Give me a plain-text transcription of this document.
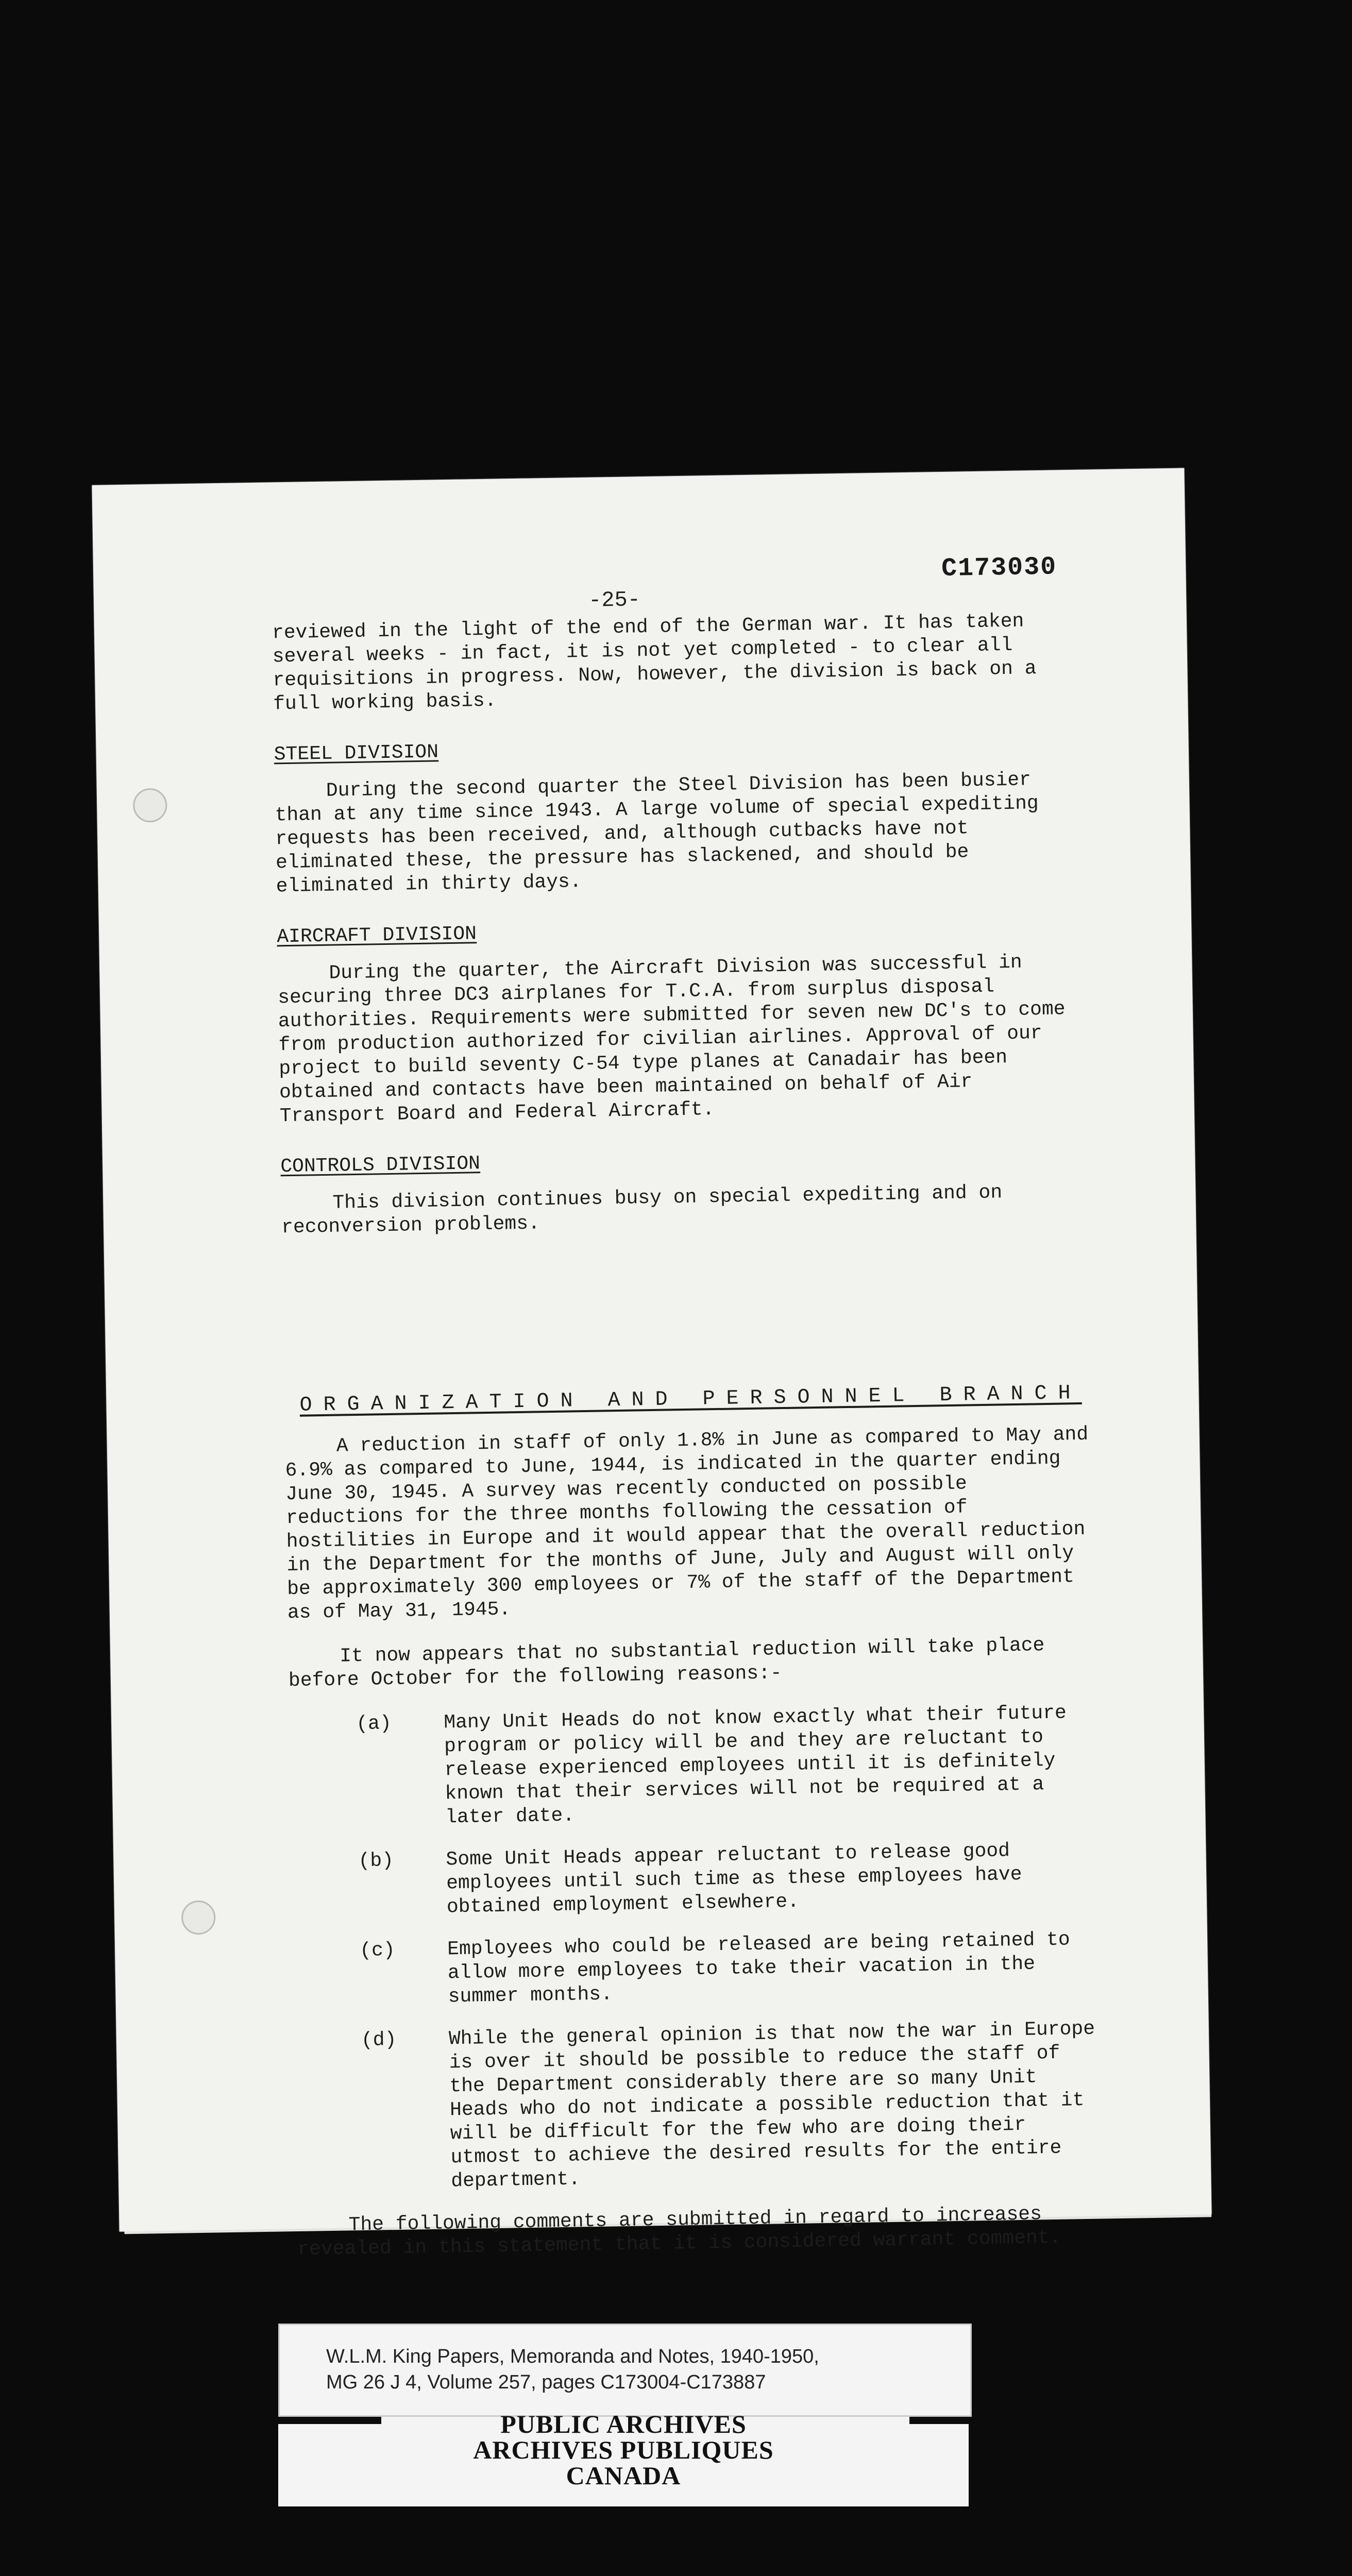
C173030
-25-

reviewed in the light of the end of the German war. It has taken several weeks - in fact, it is not yet completed - to clear all requisitions in progress. Now, however, the division is back on a full working basis.

STEEL DIVISION

During the second quarter the Steel Division has been busier than at any time since 1943. A large volume of special expediting requests has been received, and, although cutbacks have not eliminated these, the pressure has slackened, and should be eliminated in thirty days.

AIRCRAFT DIVISION

During the quarter, the Aircraft Division was successful in securing three DC3 airplanes for T.C.A. from surplus disposal authorities. Requirements were submitted for seven new DC's to come from production authorized for civilian airlines. Approval of our project to build seventy C-54 type planes at Canadair has been obtained and contacts have been maintained on behalf of Air Transport Board and Federal Aircraft.

CONTROLS DIVISION

This division continues busy on special expediting and on reconversion problems.

ORGANIZATION AND PERSONNEL BRANCH

A reduction in staff of only 1.8% in June as compared to May and 6.9% as compared to June, 1944, is indicated in the quarter ending June 30, 1945. A survey was recently conducted on possible reductions for the three months following the cessation of hostilities in Europe and it would appear that the overall reduction in the Department for the months of June, July and August will only be approximately 300 employees or 7% of the staff of the Department as of May 31, 1945.

It now appears that no substantial reduction will take place before October for the following reasons:-

(a)	Many Unit Heads do not know exactly what their future program or policy will be and they are reluctant to release experienced employees until it is definitely known that their services will not be required at a later date.
(b)	Some Unit Heads appear reluctant to release good employees until such time as these employees have obtained employment elsewhere.
(c)	Employees who could be released are being retained to allow more employees to take their vacation in the summer months.
(d)	While the general opinion is that now the war in Europe is over it should be possible to reduce the staff of the Department considerably there are so many Unit Heads who do not indicate a possible reduction that it will be difficult for the few who are doing their utmost to achieve the desired results for the entire department.

The following comments are submitted in regard to increases revealed in this statement that it is considered warrant comment.

W.L.M. King Papers, Memoranda and Notes, 1940-1950,
MG 26 J 4, Volume 257, pages C173004-C173887
PUBLIC ARCHIVES
ARCHIVES PUBLIQUES
CANADA
